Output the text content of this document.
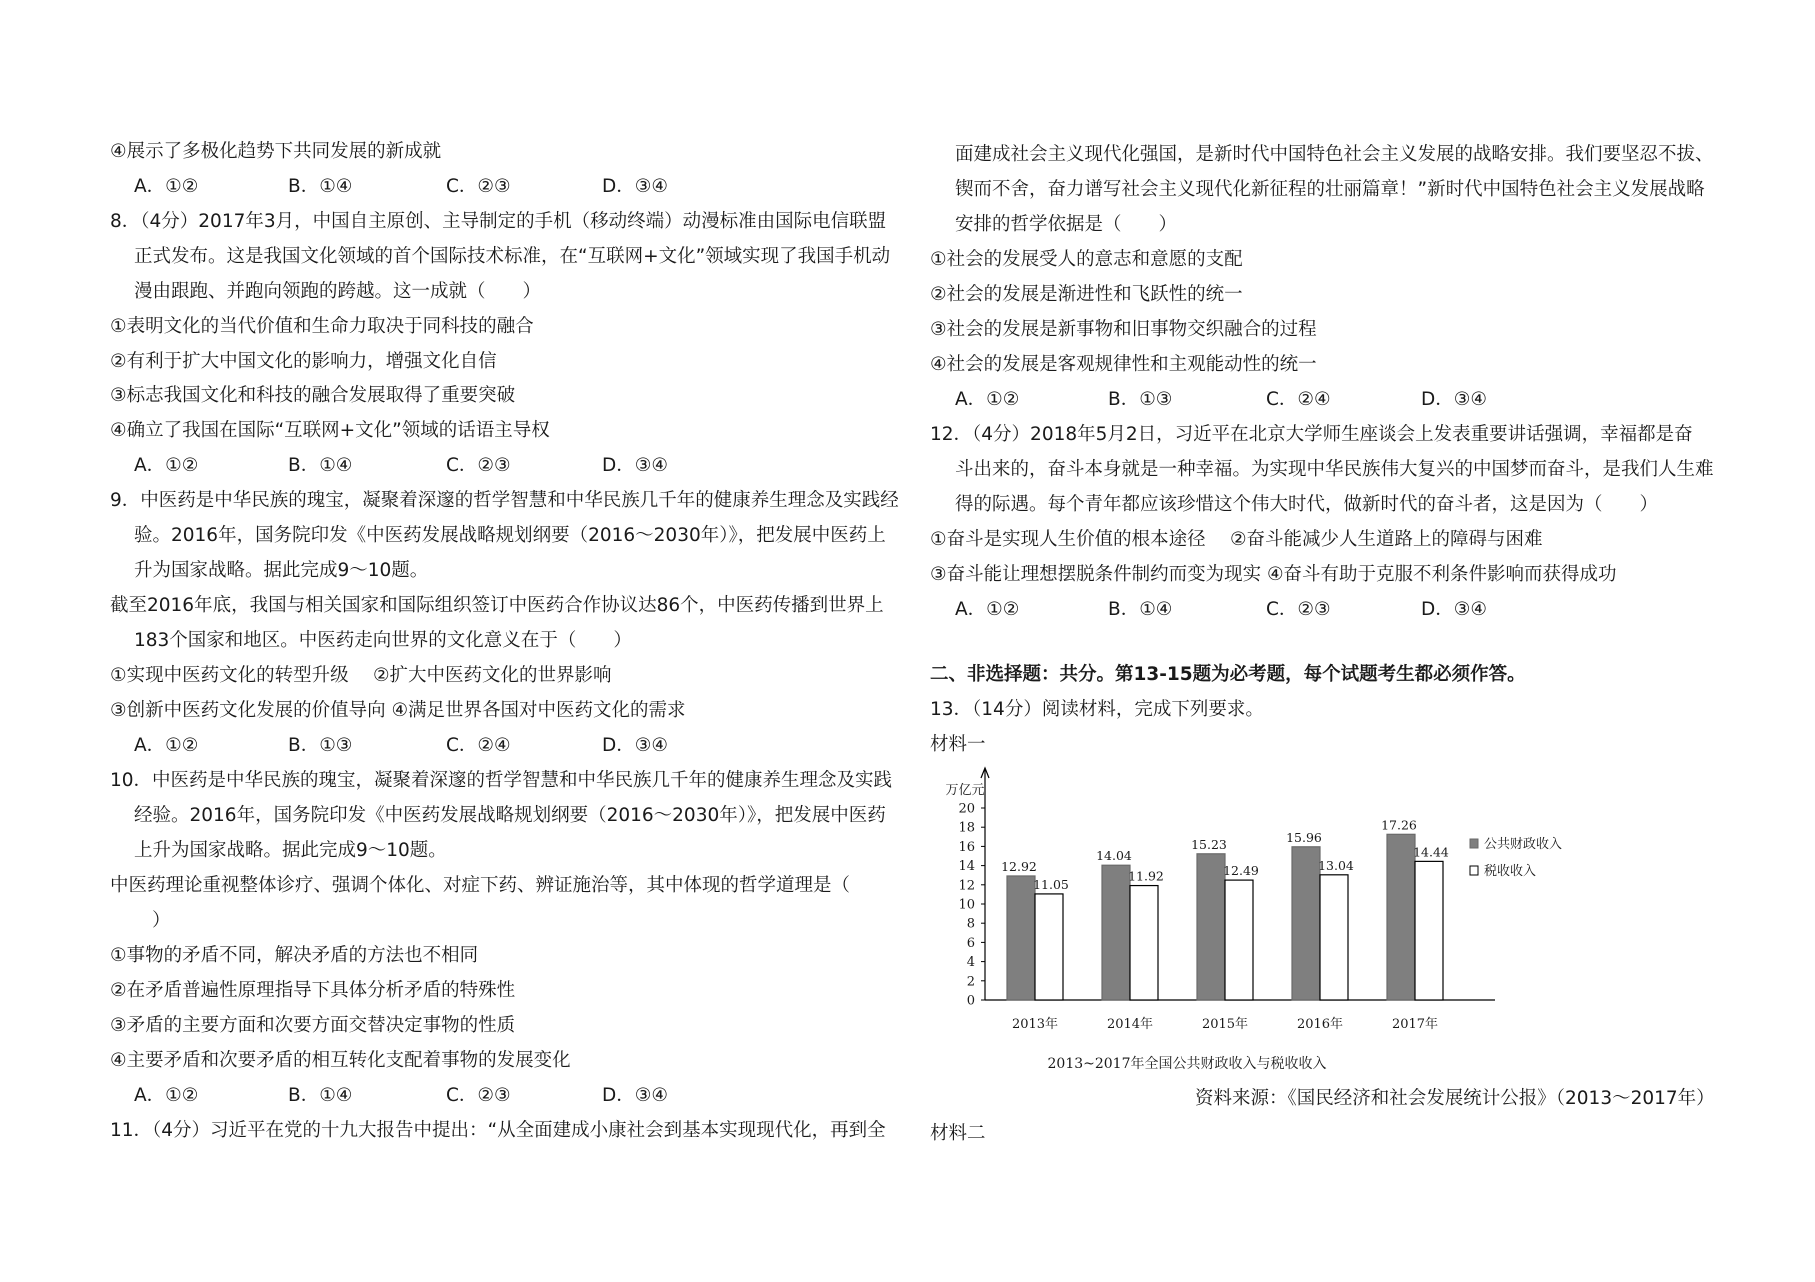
④展示了多极化趋势下共同发展的新成就
A．①②	B．①④	C．②③	D．③④
8．（4分）2017年3月，中国自主原创、主导制定的手机（移动终端）动漫标准由国际电信联盟
正式发布。这是我国文化领域的首个国际技术标准，在“互联网+文化”领域实现了我国手机动
漫由跟跑、并跑向领跑的跨越。这一成就（　　）
①表明文化的当代价值和生命力取决于同科技的融合
②有利于扩大中国文化的影响力，增强文化自信
③标志我国文化和科技的融合发展取得了重要突破
④确立了我国在国际“互联网+文化”领域的话语主导权
A．①②	B．①④	C．②③	D．③④
9．中医药是中华民族的瑰宝，凝聚着深邃的哲学智慧和中华民族几千年的健康养生理念及实践经
验。2016年，国务院印发《中医药发展战略规划纲要（2016～2030年）》，把发展中医药上
升为国家战略。据此完成9～10题。
截至2016年底，我国与相关国家和国际组织签订中医药合作协议达86个，中医药传播到世界上
183个国家和地区。中医药走向世界的文化意义在于（　　）
①实现中医药文化的转型升级　 ②扩大中医药文化的世界影响
③创新中医药文化发展的价值导向 ④满足世界各国对中医药文化的需求
A．①②	B．①③	C．②④	D．③④
10．中医药是中华民族的瑰宝，凝聚着深邃的哲学智慧和中华民族几千年的健康养生理念及实践
经验。2016年，国务院印发《中医药发展战略规划纲要（2016～2030年）》，把发展中医药
上升为国家战略。据此完成9～10题。
中医药理论重视整体诊疗、强调个体化、对症下药、辨证施治等，其中体现的哲学道理是（
）
①事物的矛盾不同，解决矛盾的方法也不相同
②在矛盾普遍性原理指导下具体分析矛盾的特殊性
③矛盾的主要方面和次要方面交替决定事物的性质
④主要矛盾和次要矛盾的相互转化支配着事物的发展变化
A．①②	B．①④	C．②③	D．③④
11．（4分）习近平在党的十九大报告中提出：“从全面建成小康社会到基本实现现代化，再到全
面建成社会主义现代化强国，是新时代中国特色社会主义发展的战略安排。我们要坚忍不拔、
锲而不舍，奋力谱写社会主义现代化新征程的壮丽篇章！”新时代中国特色社会主义发展战略
安排的哲学依据是（　　）
①社会的发展受人的意志和意愿的支配
②社会的发展是渐进性和飞跃性的统一
③社会的发展是新事物和旧事物交织融合的过程
④社会的发展是客观规律性和主观能动性的统一
A．①②	B．①③	C．②④	D．③④
12．（4分）2018年5月2日，习近平在北京大学师生座谈会上发表重要讲话强调，幸福都是奋
斗出来的，奋斗本身就是一种幸福。为实现中华民族伟大复兴的中国梦而奋斗，是我们人生难
得的际遇。每个青年都应该珍惜这个伟大时代，做新时代的奋斗者，这是因为（　　）
①奋斗是实现人生价值的根本途径　 ②奋斗能减少人生道路上的障碍与困难
③奋斗能让理想摆脱条件制约而变为现实 ④奋斗有助于克服不利条件影响而获得成功
A．①②	B．①④	C．②③	D．③④
二、非选择题：共分。第13-15题为必考题，每个试题考生都必须作答。
13．（14分）阅读材料，完成下列要求。
材料一
万亿元
0
2
4
6
8
10
12
14
16
18
20
12.92
11.05
2013年
14.04
11.92
2014年
15.23
12.49
2015年
15.96
13.04
2016年
17.26
14.44
2017年
公共财政收入
税收收入
2013~2017年全国公共财政收入与税收收入
资料来源：《国民经济和社会发展统计公报》（2013～2017年）
材料二
